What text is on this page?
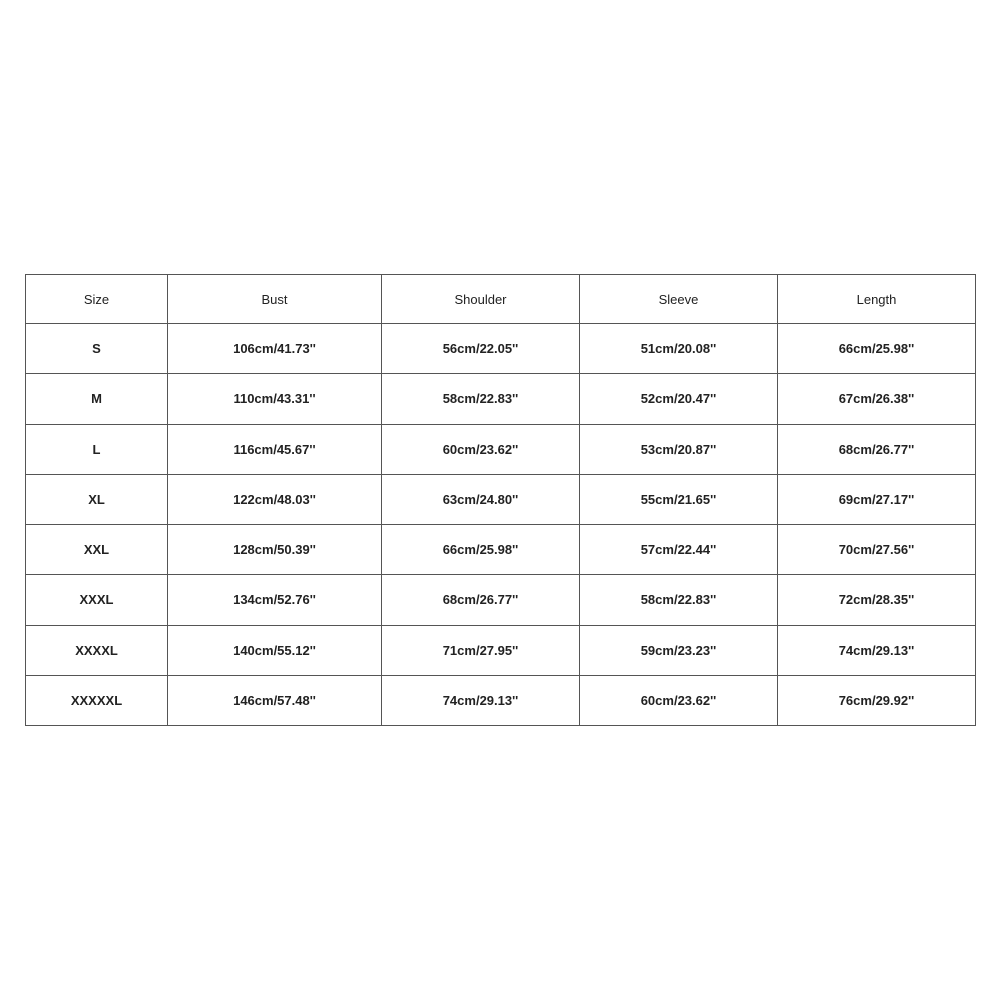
Size	Bust	Shoulder	Sleeve	Length
S	106cm/41.73''	56cm/22.05''	51cm/20.08''	66cm/25.98''
M	110cm/43.31''	58cm/22.83''	52cm/20.47''	67cm/26.38''
L	116cm/45.67''	60cm/23.62''	53cm/20.87''	68cm/26.77''
XL	122cm/48.03''	63cm/24.80''	55cm/21.65''	69cm/27.17''
XXL	128cm/50.39''	66cm/25.98''	57cm/22.44''	70cm/27.56''
XXXL	134cm/52.76''	68cm/26.77''	58cm/22.83''	72cm/28.35''
XXXXL	140cm/55.12''	71cm/27.95''	59cm/23.23''	74cm/29.13''
XXXXXL	146cm/57.48''	74cm/29.13''	60cm/23.62''	76cm/29.92''
